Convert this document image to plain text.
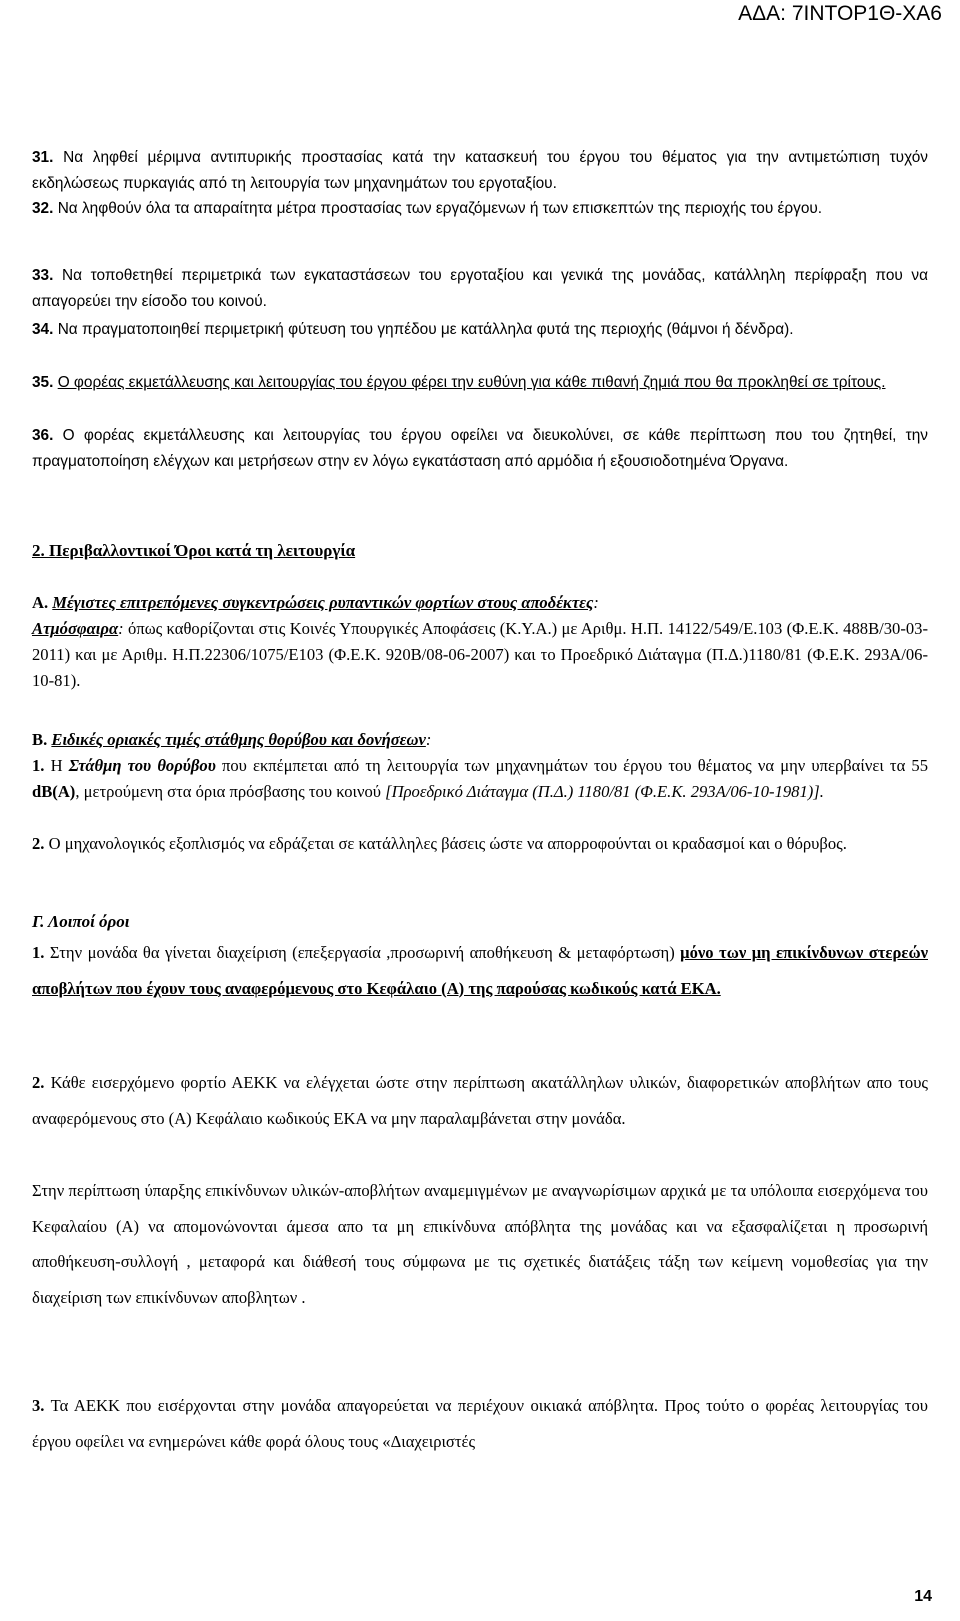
ΑΔΑ: 7ΙΝΤΟΡ1Θ-ΧΑ6

31. Να ληφθεί μέριμνα αντιπυρικής προστασίας κατά την κατασκευή του έργου του θέματος για την αντιμετώπιση τυχόν εκδηλώσεως πυρκαγιάς από τη λειτουργία των μηχανημάτων του εργοταξίου.

32. Να ληφθούν όλα τα απαραίτητα μέτρα προστασίας των εργαζόμενων ή των επισκεπτών της περιοχής του έργου.

33. Να τοποθετηθεί περιμετρικά των εγκαταστάσεων του εργοταξίου και γενικά της μονάδας, κατάλληλη περίφραξη που να απαγορεύει την είσοδο του κοινού.

34. Να πραγματοποιηθεί περιμετρική φύτευση του γηπέδου με κατάλληλα φυτά της περιοχής (θάμνοι ή δένδρα).

35. Ο φορέας εκμετάλλευσης και λειτουργίας του έργου φέρει την ευθύνη για κάθε πιθανή ζημιά που θα προκληθεί σε τρίτους.

36. Ο φορέας εκμετάλλευσης και λειτουργίας του έργου οφείλει να διευκολύνει, σε κάθε περίπτωση που του ζητηθεί, την πραγματοποίηση ελέγχων και μετρήσεων στην εν λόγω εγκατάσταση από αρμόδια ή εξουσιοδοτημένα Όργανα.

2. Περιβαλλοντικοί Όροι κατά τη λειτουργία

Α. Μέγιστες επιτρεπόμενες συγκεντρώσεις ρυπαντικών φορτίων στους αποδέκτες:
Ατμόσφαιρα: όπως καθορίζονται στις Κοινές Υπουργικές Αποφάσεις (Κ.Υ.Α.) με Αριθμ. Η.Π. 14122/549/Ε.103 (Φ.Ε.Κ. 488Β/30-03-2011) και με Αριθμ. Η.Π.22306/1075/Ε103 (Φ.Ε.Κ. 920Β/08-06-2007) και το Προεδρικό Διάταγμα (Π.Δ.)1180/81 (Φ.Ε.Κ. 293Α/06-10-81).

Β. Ειδικές οριακές τιμές στάθμης θορύβου και δονήσεων:

1. Η Στάθμη του θορύβου που εκπέμπεται από τη λειτουργία των μηχανημάτων του έργου του θέματος να μην υπερβαίνει τα 55 dB(A), μετρούμενη στα όρια πρόσβασης του κοινού [Προεδρικό Διάταγμα (Π.Δ.) 1180/81 (Φ.Ε.Κ. 293Α/06-10-1981)].

2. Ο μηχανολογικός εξοπλισμός να εδράζεται σε κατάλληλες βάσεις ώστε να απορροφούνται οι κραδασμοί και ο θόρυβος.

Γ. Λοιποί όροι

1. Στην μονάδα θα γίνεται διαχείριση (επεξεργασία ,προσωρινή αποθήκευση & μεταφόρτωση) μόνο των μη επικίνδυνων στερεών αποβλήτων που έχουν τους αναφερόμενους στο Κεφάλαιο (Α) της παρούσας κωδικούς κατά ΕΚΑ.

2. Κάθε εισερχόμενο φορτίο ΑΕΚΚ να ελέγχεται ώστε στην περίπτωση ακατάλληλων υλικών, διαφορετικών αποβλήτων απο τους αναφερόμενους στο (Α) Κεφάλαιο κωδικούς ΕΚΑ να μην παραλαμβάνεται στην μονάδα.

Στην περίπτωση ύπαρξης επικίνδυνων υλικών-αποβλήτων αναμεμιγμένων με αναγνωρίσιμων αρχικά με τα υπόλοιπα εισερχόμενα του Κεφαλαίου (Α) να απομονώνονται άμεσα απο τα μη επικίνδυνα απόβλητα της μονάδας και να εξασφαλίζεται η προσωρινή αποθήκευση-συλλογή , μεταφορά και διάθεσή τους σύμφωνα με τις σχετικές διατάξεις τάξη των κείμενη νομοθεσίας για την διαχείριση των επικίνδυνων αποβλητων .

3. Τα ΑΕΚΚ που εισέρχονται στην μονάδα απαγορεύεται να περιέχουν οικιακά απόβλητα. Προς τούτο ο φορέας λειτουργίας του έργου οφείλει να ενημερώνει κάθε φορά όλους τους «Διαχειριστές

14
